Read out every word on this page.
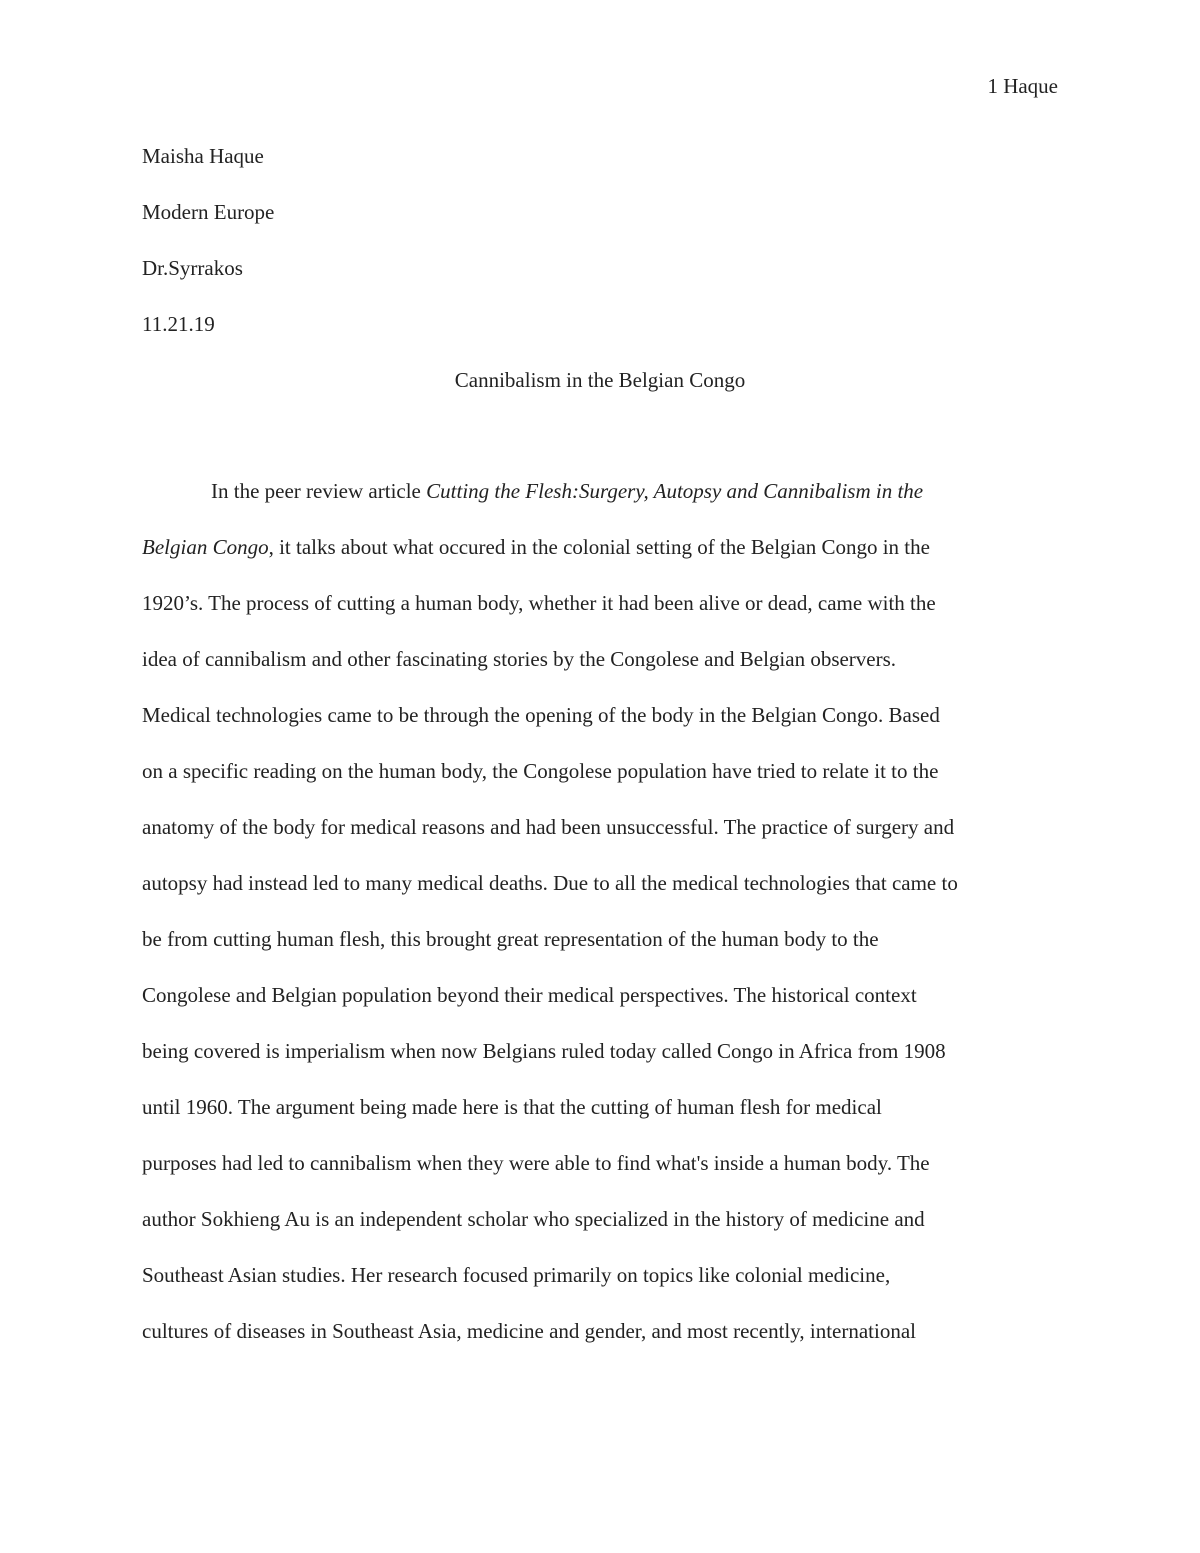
1 Haque
Maisha Haque
Modern Europe
Dr.Syrrakos
11.21.19
Cannibalism in the Belgian Congo
In the peer review article Cutting the Flesh:Surgery, Autopsy and Cannibalism in the
Belgian Congo, it talks about what occured in the colonial setting of the Belgian Congo in the
1920’s. The process of cutting a human body, whether it had been alive or dead, came with the
idea of cannibalism and other fascinating stories by the Congolese and Belgian observers.
Medical technologies came to be through the opening of the body in the Belgian Congo. Based
on a specific reading on the human body, the Congolese population have tried to relate it to the
anatomy of the body for medical reasons and had been unsuccessful. The practice of surgery and
autopsy had instead led to many medical deaths. Due to all the medical technologies that came to
be from cutting human flesh, this brought great representation of the human body to the
Congolese and Belgian population beyond their medical perspectives. The historical context
being covered is imperialism when now Belgians ruled today called Congo in Africa from 1908
until 1960. The argument being made here is that the cutting of human flesh for medical
purposes had led to cannibalism when they were able to find what's inside a human body. The
author Sokhieng Au is an independent scholar who specialized in the history of medicine and
Southeast Asian studies. Her research focused primarily on topics like colonial medicine,
cultures of diseases in Southeast Asia, medicine and gender, and most recently, international
